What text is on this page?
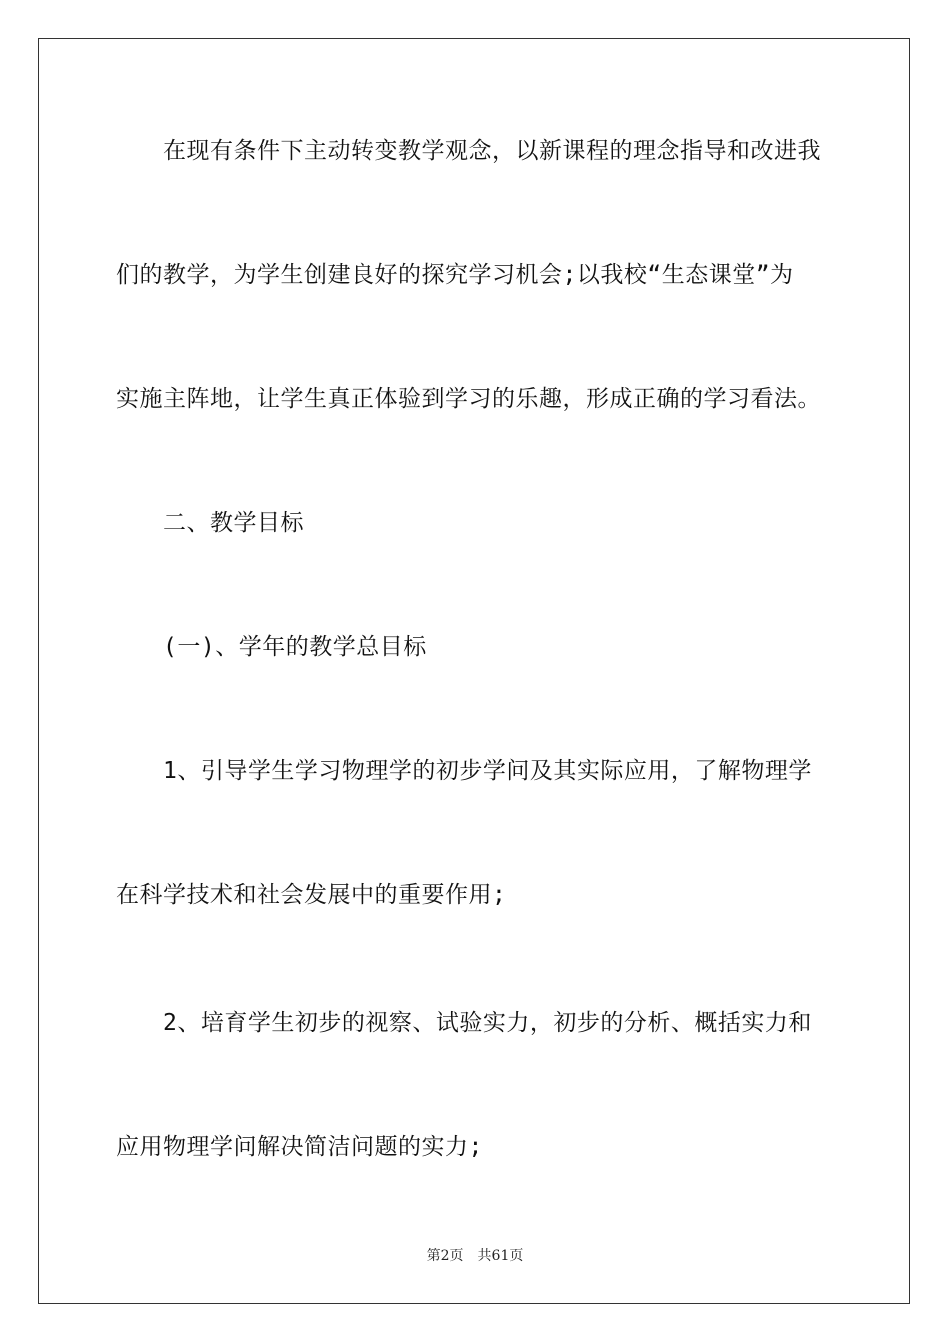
在现有条件下主动转变教学观念，以新课程的理念指导和改进我
们的教学，为学生创建良好的探究学习机会;以我校“生态课堂”为
实施主阵地，让学生真正体验到学习的乐趣，形成正确的学习看法。
二、教学目标
(一)、学年的教学总目标
1、引导学生学习物理学的初步学问及其实际应用，了解物理学
在科学技术和社会发展中的重要作用;
2、培育学生初步的视察、试验实力，初步的分析、概括实力和
应用物理学问解决简洁问题的实力;
第2页 共61页
